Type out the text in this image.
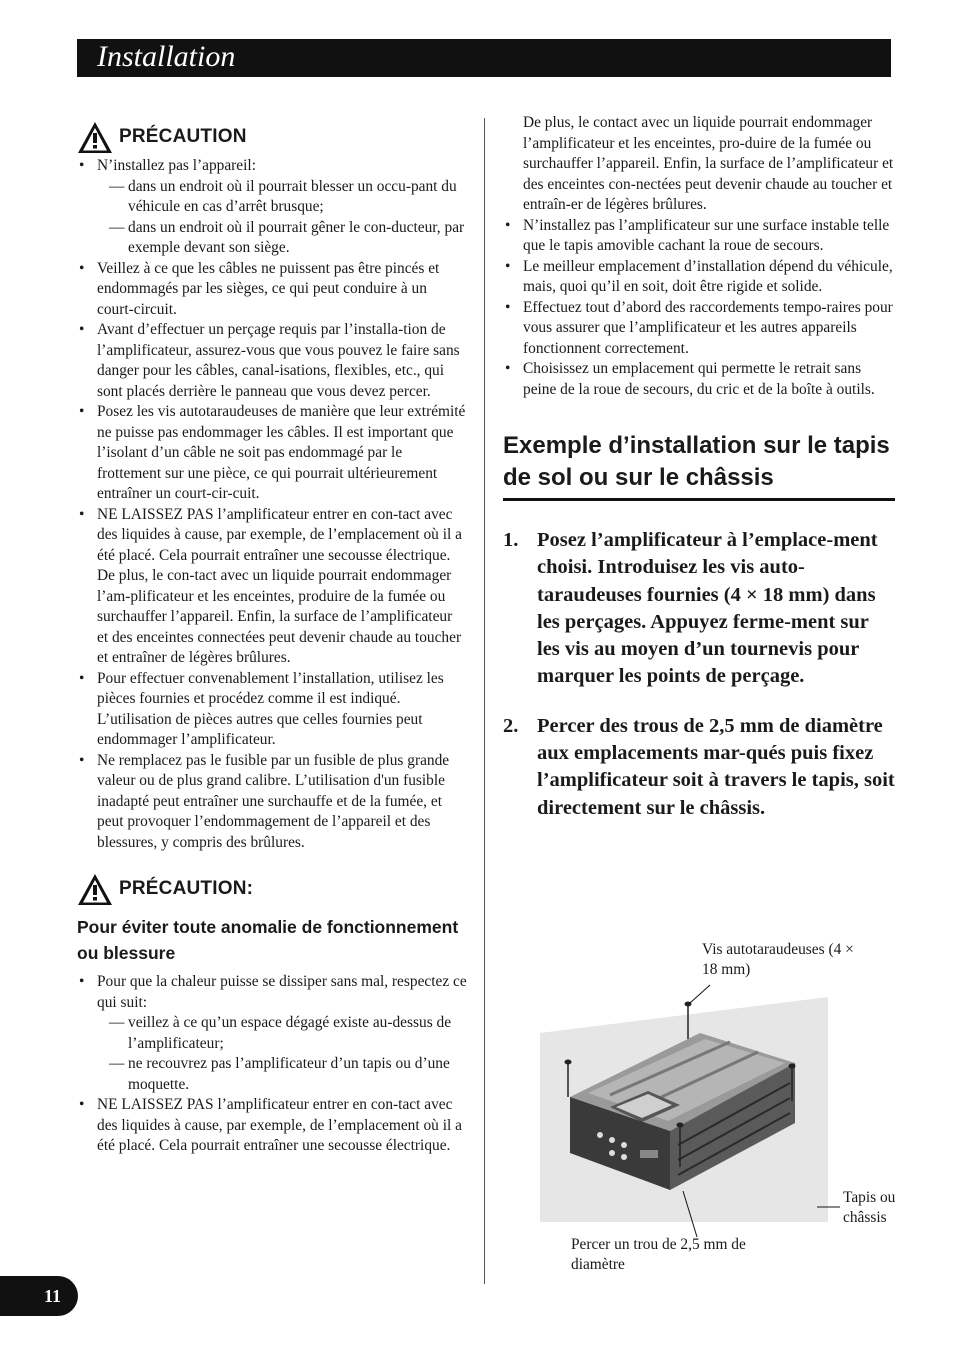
Installation
PRÉCAUTION
• N’installez pas l’appareil:
— dans un endroit où il pourrait blesser un occu-pant du véhicule en cas d’arrêt brusque;
— dans un endroit où il pourrait gêner le con-ducteur, par exemple devant son siège.
• Veillez à ce que les câbles ne puissent pas être pincés et endommagés par les sièges, ce qui peut conduire à un court-circuit.
• Avant d’effectuer un perçage requis par l’installa-tion de l’amplificateur, assurez-vous que vous pouvez le faire sans danger pour les câbles, canal-isations, flexibles, etc., qui sont placés derrière le panneau que vous devez percer.
• Posez les vis autotaraudeuses de manière que leur extrémité ne puisse pas endommager les câbles. Il est important que l’isolant d’un câble ne soit pas endommagé par le frottement sur une pièce, ce qui pourrait ultérieurement entraîner un court-cir-cuit.
• NE LAISSEZ PAS l’amplificateur entrer en con-tact avec des liquides à cause, par exemple, de l’emplacement où il a été placé. Cela pourrait entraîner une secousse électrique. De plus, le con-tact avec un liquide pourrait endommager l’am-plificateur et les enceintes, produire de la fumée ou surchauffer l’appareil. Enfin, la surface de l’amplificateur et des enceintes connectées peut devenir chaude au toucher et entraîner de légères brûlures.
• Pour effectuer convenablement l’installation, utilisez les pièces fournies et procédez comme il est indiqué. L’utilisation de pièces autres que celles fournies peut endommager l’amplificateur.
• Ne remplacez pas le fusible par un fusible de plus grande valeur ou de plus grand calibre. L’utilisation d'un fusible inadapté peut entraîner une surchauffe et de la fumée, et peut provoquer l’endommagement de l’appareil et des blessures, y compris des brûlures.
PRÉCAUTION:
Pour éviter toute anomalie de fonctionnement ou blessure
• Pour que la chaleur puisse se dissiper sans mal, respectez ce qui suit:
— veillez à ce qu’un espace dégagé existe au-dessus de l’amplificateur;
— ne recouvrez pas l’amplificateur d’un tapis ou d’une moquette.
• NE LAISSEZ PAS l’amplificateur entrer en con-tact avec des liquides à cause, par exemple, de l’emplacement où il a été placé. Cela pourrait entraîner une secousse électrique.
De plus, le contact avec un liquide pourrait endommager l’amplificateur et les enceintes, pro-duire de la fumée ou surchauffer l’appareil. Enfin, la surface de l’amplificateur et des enceintes con-nectées peut devenir chaude au toucher et entraîn-er de légères brûlures.
• N’installez pas l’amplificateur sur une surface instable telle que le tapis amovible cachant la roue de secours.
• Le meilleur emplacement d’installation dépend du véhicule, mais, quoi qu’il en soit, doit être rigide et solide.
• Effectuez tout d’abord des raccordements tempo-raires pour vous assurer que l’amplificateur et les autres appareils fonctionnent correctement.
• Choisissez un emplacement qui permette le retrait sans peine de la roue de secours, du cric et de la boîte à outils.
Exemple d’installation sur le tapis de sol ou sur le châssis
1. Posez l’amplificateur à l’emplace-ment choisi. Introduisez les vis auto-taraudeuses fournies (4 × 18 mm) dans les perçages. Appuyez ferme-ment sur les vis au moyen d’un tournevis pour marquer les points de perçage.
2. Percer des trous de 2,5 mm de diamètre aux emplacements mar-qués puis fixez l’amplificateur soit à travers le tapis, soit directement sur le châssis.
Vis autotaraudeuses (4 × 18 mm)
Tapis ou châssis
Percer un trou de 2,5 mm de diamètre
11
